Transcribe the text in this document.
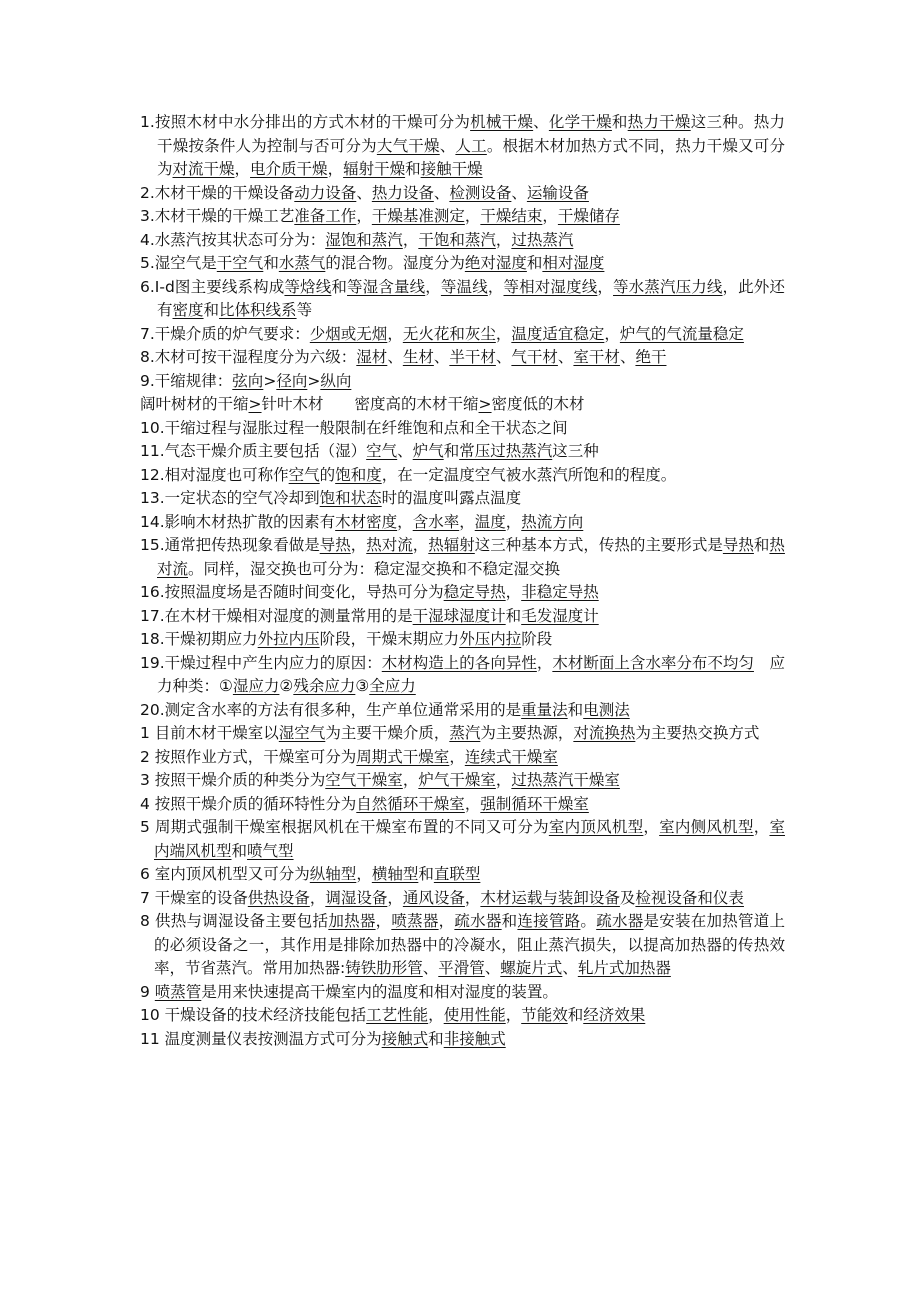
1.按照木材中水分排出的方式木材的干燥可分为机械干燥、化学干燥和热力干燥这三种。热力干燥按条件人为控制与否可分为大气干燥、人工。根据木材加热方式不同，热力干燥又可分为对流干燥，电介质干燥，辐射干燥和接触干燥

2.木材干燥的干燥设备动力设备、热力设备、检测设备、运输设备

3.木材干燥的干燥工艺准备工作，干燥基准测定，干燥结束，干燥储存

4.水蒸汽按其状态可分为：湿饱和蒸汽，干饱和蒸汽，过热蒸汽

5.湿空气是干空气和水蒸气的混合物。湿度分为绝对湿度和相对湿度

6.I-d图主要线系构成等焓线和等湿含量线，等温线，等相对湿度线，等水蒸汽压力线，此外还有密度和比体积线系等

7.干燥介质的炉气要求：少烟或无烟，无火花和灰尘，温度适宜稳定，炉气的气流量稳定

8.木材可按干湿程度分为六级：湿材、生材、半干材、气干材、室干材、绝干

9.干缩规律：弦向>径向>纵向

阔叶树材的干缩>针叶木材　　密度高的木材干缩>密度低的木材

10.干缩过程与湿胀过程一般限制在纤维饱和点和全干状态之间

11.气态干燥介质主要包括（湿）空气、炉气和常压过热蒸汽这三种

12.相对湿度也可称作空气的饱和度，在一定温度空气被水蒸汽所饱和的程度。

13.一定状态的空气冷却到饱和状态时的温度叫露点温度

14.影响木材热扩散的因素有木材密度，含水率，温度，热流方向

15.通常把传热现象看做是导热，热对流，热辐射这三种基本方式，传热的主要形式是导热和热对流。同样，湿交换也可分为：稳定湿交换和不稳定湿交换

16.按照温度场是否随时间变化，导热可分为稳定导热，非稳定导热

17.在木材干燥相对湿度的测量常用的是干湿球湿度计和毛发湿度计

18.干燥初期应力外拉内压阶段，干燥末期应力外压内拉阶段

19.干燥过程中产生内应力的原因：木材构造上的各向异性，木材断面上含水率分布不均匀　应力种类：①湿应力②残余应力③全应力

20.测定含水率的方法有很多种，生产单位通常采用的是重量法和电测法

1 目前木材干燥室以湿空气为主要干燥介质，蒸汽为主要热源，对流换热为主要热交换方式

2 按照作业方式，干燥室可分为周期式干燥室，连续式干燥室

3 按照干燥介质的种类分为空气干燥室，炉气干燥室，过热蒸汽干燥室

4 按照干燥介质的循环特性分为自然循环干燥室，强制循环干燥室

5 周期式强制干燥室根据风机在干燥室布置的不同又可分为室内顶风机型，室内侧风机型，室内端风机型和喷气型

6 室内顶风机型又可分为纵轴型，横轴型和直联型

7 干燥室的设备供热设备，调湿设备，通风设备，木材运载与装卸设备及检视设备和仪表

8 供热与调湿设备主要包括加热器，喷蒸器，疏水器和连接管路。疏水器是安装在加热管道上的必须设备之一，其作用是排除加热器中的冷凝水，阻止蒸汽损失，以提高加热器的传热效率，节省蒸汽。常用加热器:铸铁肋形管、平滑管、螺旋片式、轧片式加热器

9 喷蒸管是用来快速提高干燥室内的温度和相对湿度的装置。

10 干燥设备的技术经济技能包括工艺性能，使用性能，节能效和经济效果

11 温度测量仪表按测温方式可分为接触式和非接触式
